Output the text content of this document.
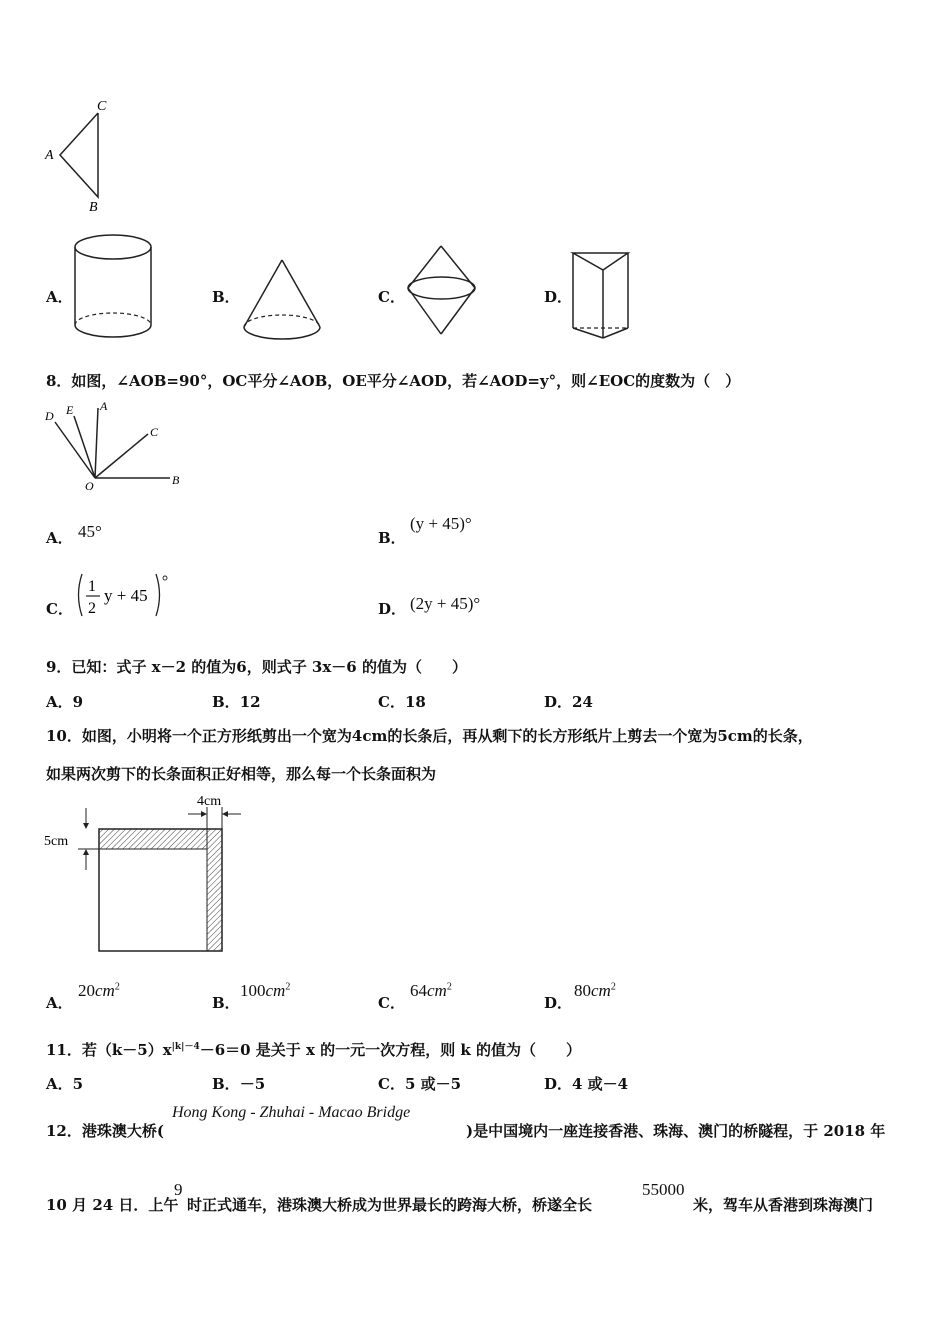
C
A
B
A．	B．	C．	D．
8．如图，∠AOB=90°，OC平分∠AOB，OE平分∠AOD，若∠AOD=y°，则∠EOC的度数为（　）
D E A
C
O	B
A． 45°	B．
(y + 45)°
C．
1
2
y + 45
D． (2y + 45)°
9．已知：式子 x－2 的值为6，则式子 3x－6 的值为（　　）
A．9	B．12	C．18	D．24
10．如图，小明将一个正方形纸剪出一个宽为4cm的长条后，再从剩下的长方形纸片上剪去一个宽为5cm的长条，
如果两次剪下的长条面积正好相等，那么每一个长条面积为
4cm
5cm
A．
$20cm^2$
B．
$100cm^2$
C．
$64cm^2$
D．
$80cm^2$
11．若$(k-5)x^{|k|-4}-6=0$ 是关于 x 的一元一次方程，则 k 的值为（　　）
A．5	B．－5	C．5 或－5	D．4 或－4
12．港珠澳大桥(
Hong Kong - Zhuhai - Macao Bridge
)是中国境内一座连接香港、珠海、澳门的桥隧程，于 2018 年
10 月 24 日．上午
9
时正式通车，港珠澳大桥成为世界最长的跨海大桥，桥遂全长
55000
米，驾车从香港到珠海澳门
